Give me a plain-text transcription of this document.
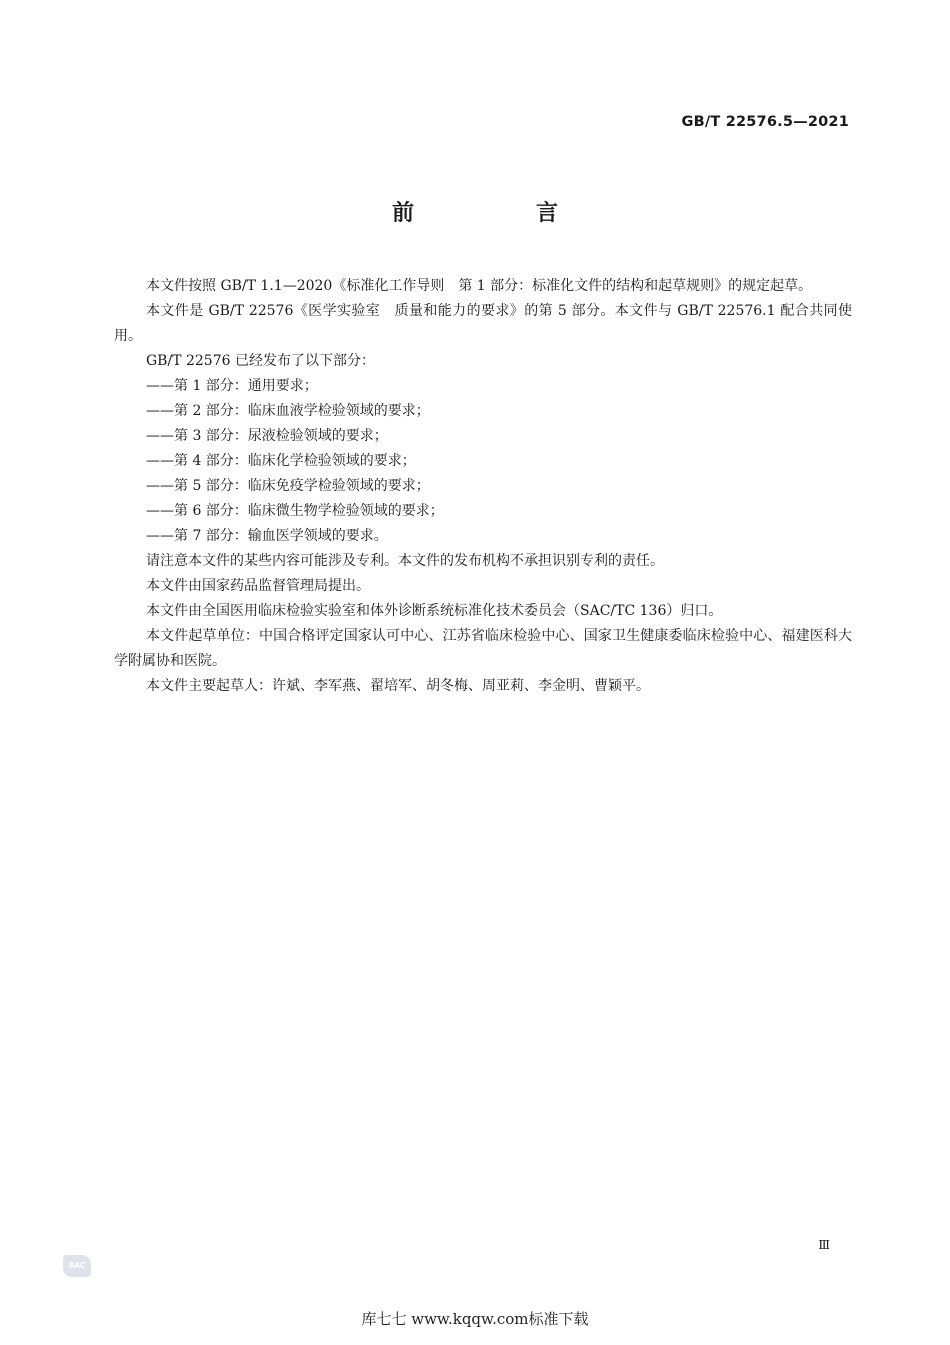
GB/T 22576.5—2021
前　言

本文件按照 GB/T 1.1—2020《标准化工作导则　第 1 部分：标准化文件的结构和起草规则》的规定起草。

本文件是 GB/T 22576《医学实验室　质量和能力的要求》的第 5 部分。本文件与 GB/T 22576.1 配合共同使用。

GB/T 22576 已经发布了以下部分：

——第 1 部分：通用要求；

——第 2 部分：临床血液学检验领域的要求；

——第 3 部分：尿液检验领域的要求；

——第 4 部分：临床化学检验领域的要求；

——第 5 部分：临床免疫学检验领域的要求；

——第 6 部分：临床微生物学检验领域的要求；

——第 7 部分：输血医学领域的要求。

请注意本文件的某些内容可能涉及专利。本文件的发布机构不承担识别专利的责任。

本文件由国家药品监督管理局提出。

本文件由全国医用临床检验实验室和体外诊断系统标准化技术委员会（SAC/TC 136）归口。

本文件起草单位：中国合格评定国家认可中心、江苏省临床检验中心、国家卫生健康委临床检验中心、福建医科大学附属协和医院。

本文件主要起草人：许斌、李军燕、翟培军、胡冬梅、周亚莉、李金明、曹颖平。

Ⅲ
SAC
库七七 www.kqqw.com标准下载
